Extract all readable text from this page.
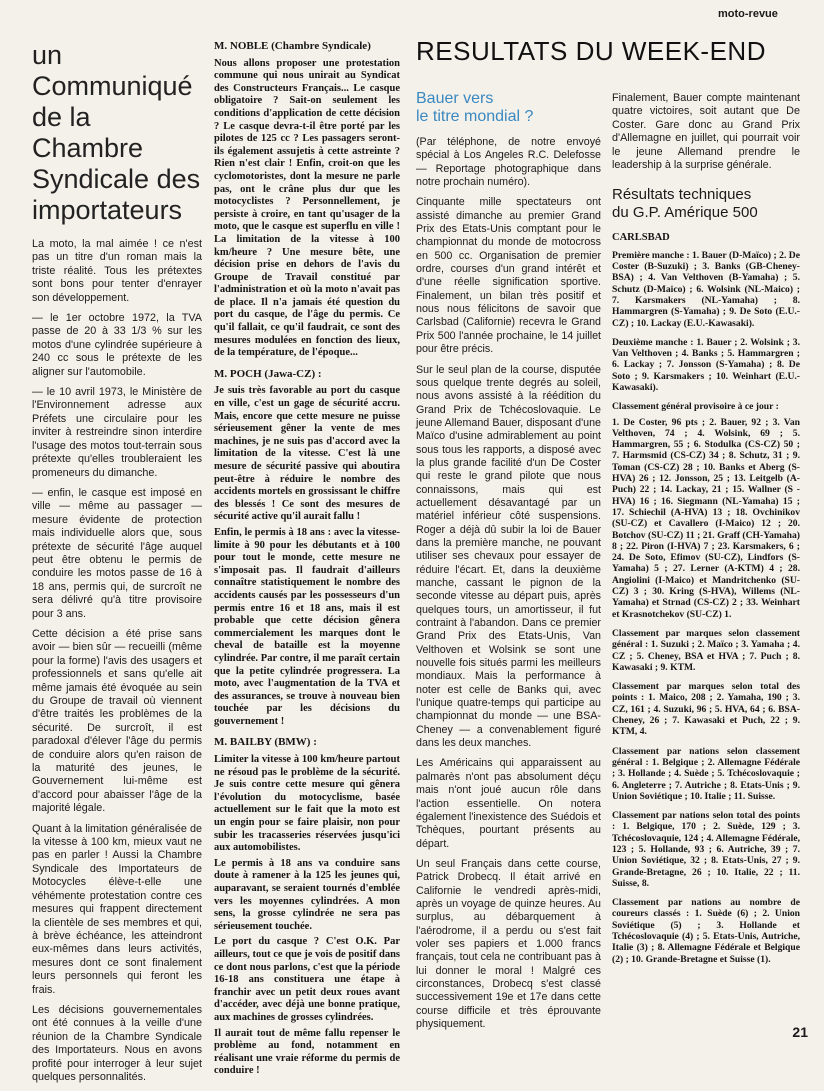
moto-revue
un
Communiqué
de la
Chambre
Syndicale des
importateurs

La moto, la mal aimée ! ce n'est pas un titre d'un roman mais la triste réalité. Tous les prétextes sont bons pour tenter d'enrayer son développement.

— le 1er octobre 1972, la TVA passe de 20 à 33 1/3 % sur les motos d'une cylindrée supérieure à 240 cc sous le prétexte de les aligner sur l'automobile.

— le 10 avril 1973, le Ministère de l'Environnement adresse aux Préfets une circulaire pour les inviter à restreindre sinon interdire l'usage des motos tout-terrain sous prétexte qu'elles troubleraient les promeneurs du dimanche.

— enfin, le casque est imposé en ville — même au passager — mesure évidente de protection mais individuelle alors que, sous prétexte de sécurité l'âge auquel peut être obtenu le permis de conduire les motos passe de 16 à 18 ans, permis qui, de surcroît ne sera délivré qu'à titre provisoire pour 3 ans.

Cette décision a été prise sans avoir — bien sûr — recueilli (même pour la forme) l'avis des usagers et professionnels et sans qu'elle ait même jamais été évoquée au sein du Groupe de travail où viennent d'être traités les problèmes de la sécurité. De surcroît, il est paradoxal d'élever l'âge du permis de conduire alors qu'en raison de la maturité des jeunes, le Gouvernement lui-même est d'accord pour abaisser l'âge de la majorité légale.

Quant à la limitation généralisée de la vitesse à 100 km, mieux vaut ne pas en parler ! Aussi la Chambre Syndicale des Importateurs de Motocycles élève-t-elle une véhémente protestation contre ces mesures qui frappent directement la clientèle de ses membres et qui, à brève échéance, les atteindront eux-mêmes dans leurs activités, mesures dont ce sont finalement leurs personnels qui feront les frais.

Les décisions gouvernementales ont été connues à la veille d'une réunion de la Chambre Syndicale des Importateurs. Nous en avons profité pour interroger à leur sujet quelques personnalités.

M. NOBLE (Chambre Syndicale)

Nous allons proposer une protestation commune qui nous unirait au Syndicat des Constructeurs Français... Le casque obligatoire ? Sait-on seulement les conditions d'application de cette décision ? Le casque devra-t-il être porté par les pilotes de 125 cc ? Les passagers seront-ils également assujetis à cette astreinte ? Rien n'est clair ! Enfin, croit-on que les cyclomotoristes, dont la mesure ne parle pas, ont le crâne plus dur que les motocyclistes ? Personnellement, je persiste à croire, en tant qu'usager de la moto, que le casque est superflu en ville ! La limitation de la vitesse à 100 km/heure ? Une mesure bête, une décision prise en dehors de l'avis du Groupe de Travail constitué par l'administration et où la moto n'avait pas de place. Il n'a jamais été question du port du casque, de l'âge du permis. Ce qu'il fallait, ce qu'il faudrait, ce sont des mesures modulées en fonction des lieux, de la température, de l'époque...

M. POCH (Jawa-CZ) :

Je suis très favorable au port du casque en ville, c'est un gage de sécurité accru. Mais, encore que cette mesure ne puisse sérieusement gêner la vente de mes machines, je ne suis pas d'accord avec la limitation de la vitesse. C'est là une mesure de sécurité passive qui aboutira peut-être à réduire le nombre des accidents mortels en grossissant le chiffre des blessés ! Ce sont des mesures de sécurité active qu'il aurait fallu !

Enfin, le permis à 18 ans : avec la vitesse-limite à 90 pour les débutants et à 100 pour tout le monde, cette mesure ne s'imposait pas. Il faudrait d'ailleurs connaître statistiquement le nombre des accidents causés par les possesseurs d'un permis entre 16 et 18 ans, mais il est probable que cette décision gênera commercialement les marques dont le cheval de bataille est la moyenne cylindrée. Par contre, il me paraît certain que la petite cylindrée progressera. La moto, avec l'augmentation de la TVA et des assurances, se trouve à nouveau bien touchée par les décisions du gouvernement !

M. BAILBY (BMW) :

Limiter la vitesse à 100 km/heure partout ne résoud pas le problème de la sécurité. Je suis contre cette mesure qui gênera l'évolution du motocyclisme, basée actuellement sur le fait que la moto est un engin pour se faire plaisir, non pour subir les tracasseries réservées jusqu'ici aux automobilistes.

Le permis à 18 ans va conduire sans doute à ramener à la 125 les jeunes qui, auparavant, se seraient tournés d'emblée vers les moyennes cylindrées. A mon sens, la grosse cylindrée ne sera pas sérieusement touchée.

Le port du casque ? C'est O.K. Par ailleurs, tout ce que je vois de positif dans ce dont nous parlons, c'est que la période 16-18 ans constituera une étape à franchir avec un petit deux roues avant d'accéder, avec déjà une bonne pratique, aux machines de grosses cylindrées.

Il aurait tout de même fallu repenser le problème au fond, notamment en réalisant une vraie réforme du permis de conduire !

RESULTATS DU WEEK-END
Bauer vers
le titre mondial ?

(Par téléphone, de notre envoyé spécial à Los Angeles R.C. Delefosse — Reportage photographique dans notre prochain numéro).

Cinquante mille spectateurs ont assisté dimanche au premier Grand Prix des Etats-Unis comptant pour le championnat du monde de motocross en 500 cc. Organisation de premier ordre, courses d'un grand intérêt et d'une réelle signification sportive. Finalement, un bilan très positif et nous nous félicitons de savoir que Carlsbad (Californie) recevra le Grand Prix 500 l'année prochaine, le 14 juillet pour être précis.

Sur le seul plan de la course, disputée sous quelque trente degrés au soleil, nous avons assisté à la réédition du Grand Prix de Tchécoslovaquie. Le jeune Allemand Bauer, disposant d'une Maïco d'usine admirablement au point sous tous les rapports, a disposé avec la plus grande facilité d'un De Coster qui reste le grand pilote que nous connaissons, mais qui est actuellement désavantagé par un matériel inférieur côté suspensions. Roger a déjà dû subir la loi de Bauer dans la première manche, ne pouvant utiliser ses chevaux pour essayer de réduire l'écart. Et, dans la deuxième manche, cassant le pignon de la seconde vitesse au départ puis, après quelques tours, un amortisseur, il fut contraint à l'abandon. Dans ce premier Grand Prix des Etats-Unis, Van Velthoven et Wolsink se sont une nouvelle fois situés parmi les meilleurs mondiaux. Mais la performance à noter est celle de Banks qui, avec l'unique quatre-temps qui participe au championnat du monde — une BSA-Cheney — a convenablement figuré dans les deux manches.

Les Américains qui apparaissent au palmarès n'ont pas absolument déçu mais n'ont joué aucun rôle dans l'action essentielle. On notera également l'inexistence des Suédois et Tchèques, pourtant présents au départ.

Un seul Français dans cette course, Patrick Drobecq. Il était arrivé en Californie le vendredi après-midi, après un voyage de quinze heures. Au surplus, au débarquement à l'aérodrome, il a perdu ou s'est fait voler ses papiers et 1.000 francs français, tout cela ne contribuant pas à lui donner le moral ! Malgré ces circonstances, Drobecq s'est classé successivement 19e et 17e dans cette course difficile et très éprouvante physiquement.

Finalement, Bauer compte maintenant quatre victoires, soit autant que De Coster. Gare donc au Grand Prix d'Allemagne en juillet, qui pourrait voir le jeune Allemand prendre le leadership à la surprise générale.

Résultats techniques
du G.P. Amérique 500
CARLSBAD

Première manche : 1. Bauer (D-Maïco) ; 2. De Coster (B-Suzuki) ; 3. Banks (GB-Cheney-BSA) ; 4. Van Velthoven (B-Yamaha) ; 5. Schutz (D-Maico) ; 6. Wolsink (NL-Maico) ; 7. Karsmakers (NL-Yamaha) ; 8. Hammargren (S-Yamaha) ; 9. De Soto (E.U.-CZ) ; 10. Lackay (E.U.-Kawasaki).

Deuxième manche : 1. Bauer ; 2. Wolsink ; 3. Van Velthoven ; 4. Banks ; 5. Hammargren ; 6. Lackay ; 7. Jonsson (S-Yamaha) ; 8. De Soto ; 9. Karsmakers ; 10. Weinhart (E.U.-Kawasaki).

Classement général provisoire à ce jour :

1. De Coster, 96 pts ; 2. Bauer, 92 ; 3. Van Velthoven, 74 ; 4. Wolsink, 69 ; 5. Hammargren, 55 ; 6. Stodulka (CS-CZ) 50 ; 7. Harmsmid (CS-CZ) 34 ; 8. Schutz, 31 ; 9. Toman (CS-CZ) 28 ; 10. Banks et Aberg (S-HVA) 26 ; 12. Jonsson, 25 ; 13. Leitgelb (A-Puch) 22 ; 14. Lackay, 21 ; 15. Wallner (S - HVA) 16 ; 16. Siegmann (NL-Yamaha) 15 ; 17. Schiechil (A-HVA) 13 ; 18. Ovchinikov (SU-CZ) et Cavallero (I-Maico) 12 ; 20. Botchov (SU-CZ) 11 ; 21. Graff (CH-Yamaha) 8 ; 22. Piron (I-HVA) 7 ; 23. Karsmakers, 6 ; 24. De Soto, Efimov (SU-CZ), Lindfors (S-Yamaha) 5 ; 27. Lerner (A-KTM) 4 ; 28. Angiolini (I-Maico) et Mandritchenko (SU-CZ) 3 ; 30. Kring (S-HVA), Willems (NL-Yamaha) et Strnad (CS-CZ) 2 ; 33. Weinhart et Krasnotchekov (SU-CZ) 1.

Classement par marques selon classement général : 1. Suzuki ; 2. Maïco ; 3. Yamaha ; 4. CZ ; 5. Cheney, BSA et HVA ; 7. Puch ; 8. Kawasaki ; 9. KTM.

Classement par marques selon total des points : 1. Maico, 208 ; 2. Yamaha, 190 ; 3. CZ, 161 ; 4. Suzuki, 96 ; 5. HVA, 64 ; 6. BSA-Cheney, 26 ; 7. Kawasaki et Puch, 22 ; 9. KTM, 4.

Classement par nations selon classement général : 1. Belgique ; 2. Allemagne Fédérale ; 3. Hollande ; 4. Suède ; 5. Tchécoslovaquie ; 6. Angleterre ; 7. Autriche ; 8. Etats-Unis ; 9. Union Soviétique ; 10. Italie ; 11. Suisse.

Classement par nations selon total des points : 1. Belgique, 170 ; 2. Suède, 129 ; 3. Tchécoslovaquie, 124 ; 4. Allemagne Fédérale, 123 ; 5. Hollande, 93 ; 6. Autriche, 39 ; 7. Union Soviétique, 32 ; 8. Etats-Unis, 27 ; 9. Grande-Bretagne, 26 ; 10. Italie, 22 ; 11. Suisse, 8.

Classement par nations au nombre de coureurs classés : 1. Suède (6) ; 2. Union Soviétique (5) ; 3. Hollande et Tchécoslovaquie (4) ; 5. Etats-Unis, Autriche, Italie (3) ; 8. Allemagne Fédérale et Belgique (2) ; 10. Grande-Bretagne et Suisse (1).

21
